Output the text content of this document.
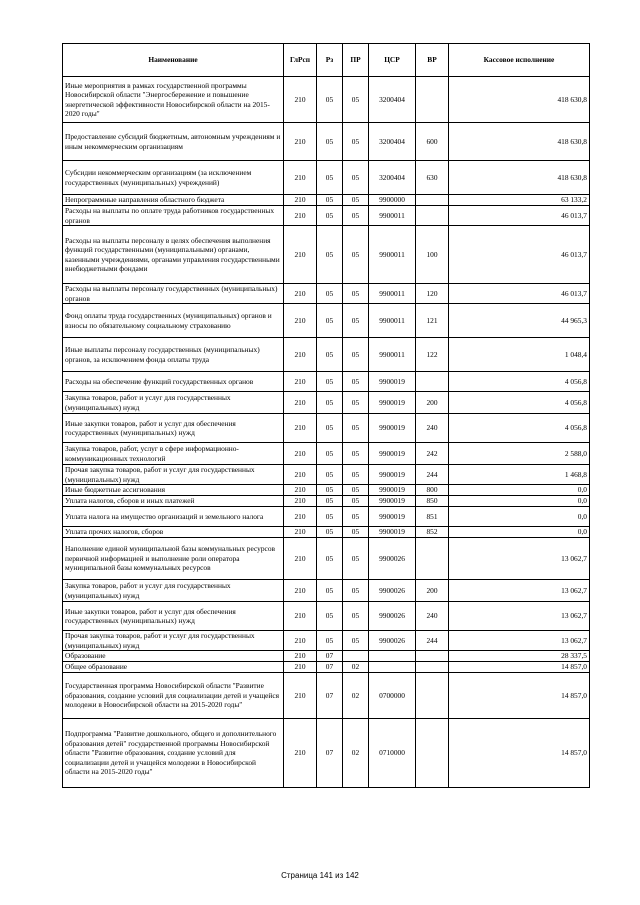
Наименование	ГлРсп	Рз	ПР	ЦСР	ВР	Кассовое исполнение
Иные мероприятия в рамках государственной программы Новосибирской области "Энергосбережение и повышение энергетической эффективности Новосибирской области на 2015- 2020 годы"	210	05	05	3200404		418 630,8
Предоставление субсидий бюджетным, автономным учреждениям и иным некоммерческим организациям	210	05	05	3200404	600	418 630,8
Субсидии некоммерческим организациям (за исключением государственных (муниципальных) учреждений)	210	05	05	3200404	630	418 630,8
Непрограммные направления областного бюджета	210	05	05	9900000		63 133,2
Расходы на выплаты по оплате труда работников государственных органов	210	05	05	9900011		46 013,7
Расходы на выплаты персоналу в целях обеспечения выполнения функций государственными (муниципальными) органами, казенными учреждениями, органами управления государственными внебюджетными фондами	210	05	05	9900011	100	46 013,7
Расходы на выплаты персоналу государственных (муниципальных) органов	210	05	05	9900011	120	46 013,7
Фонд оплаты труда государственных (муниципальных) органов и взносы по обязательному социальному страхованию	210	05	05	9900011	121	44 965,3
Иные выплаты персоналу государственных (муниципальных) органов, за исключением фонда оплаты труда	210	05	05	9900011	122	1 048,4
Расходы на обеспечение функций государственных органов	210	05	05	9900019		4 056,8
Закупка товаров, работ и услуг для государственных (муниципальных) нужд	210	05	05	9900019	200	4 056,8
Иные закупки товаров, работ и услуг для обеспечения государственных (муниципальных) нужд	210	05	05	9900019	240	4 056,8
Закупка товаров, работ, услуг в сфере информационно-коммуникационных технологий	210	05	05	9900019	242	2 588,0
Прочая закупка товаров, работ и услуг для государственных (муниципальных) нужд	210	05	05	9900019	244	1 468,8
Иные бюджетные ассигнования	210	05	05	9900019	800	0,0
Уплата налогов, сборов и иных платежей	210	05	05	9900019	850	0,0
Уплата налога на имущество организаций и земельного налога	210	05	05	9900019	851	0,0
Уплата прочих налогов, сборов	210	05	05	9900019	852	0,0
Наполнение единой муниципальной базы коммунальных ресурсов первичной информацией и выполнение роли оператора муниципальной базы коммунальных ресурсов	210	05	05	9900026		13 062,7
Закупка товаров, работ и услуг для государственных (муниципальных) нужд	210	05	05	9900026	200	13 062,7
Иные закупки товаров, работ и услуг для обеспечения государственных (муниципальных) нужд	210	05	05	9900026	240	13 062,7
Прочая закупка товаров, работ и услуг для государственных (муниципальных) нужд	210	05	05	9900026	244	13 062,7
Образование	210	07				28 337,5
Общее образование	210	07	02			14 857,0
Государственная программа Новосибирской области "Развитие образования, создание условий для социализации детей и учащейся молодежи в Новосибирской области на 2015-2020 годы"	210	07	02	0700000		14 857,0
Подпрограмма "Развитие дошкольного, общего и дополнительного образования детей" государственной программы Новосибирской области "Развитие образования, создание условий для социализации детей и учащейся молодежи в Новосибирской области на 2015-2020 годы"	210	07	02	0710000		14 857,0
Страница 141 из 142
